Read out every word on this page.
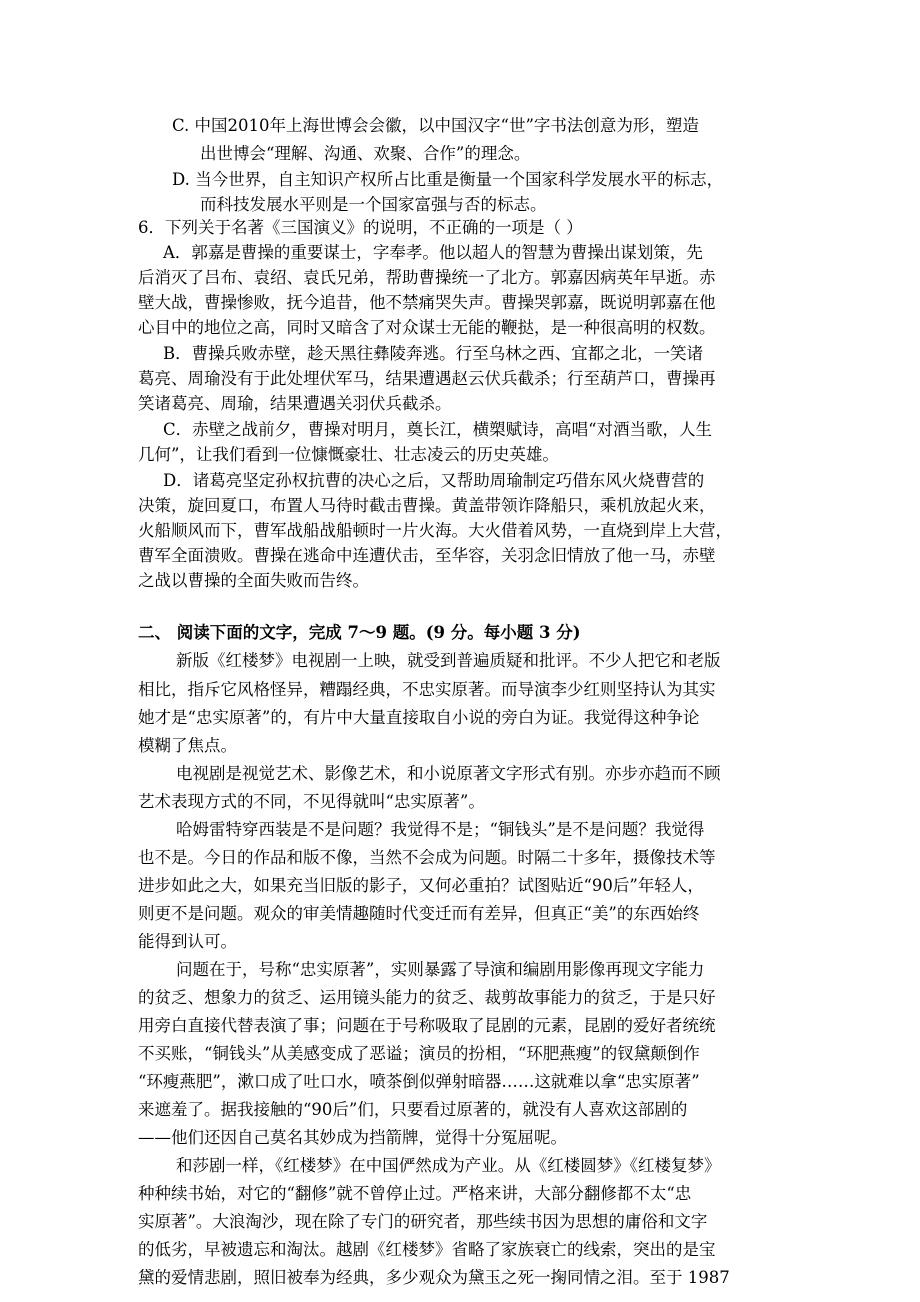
C. 中国2010年上海世博会会徽，以中国汉字“世”字书法创意为形，塑造
出世博会“理解、沟通、欢聚、合作”的理念。
D. 当今世界，自主知识产权所占比重是衡量一个国家科学发展水平的标志，
而科技发展水平则是一个国家富强与否的标志。
6．下列关于名著《三国演义》的说明，不正确的一项是（ ）
A．郭嘉是曹操的重要谋士，字奉孝。他以超人的智慧为曹操出谋划策，先
后消灭了吕布、袁绍、袁氏兄弟，帮助曹操统一了北方。郭嘉因病英年早逝。赤
壁大战，曹操惨败，抚今追昔，他不禁痛哭失声。曹操哭郭嘉，既说明郭嘉在他
心目中的地位之高，同时又暗含了对众谋士无能的鞭挞，是一种很高明的权数。
B．曹操兵败赤壁，趁天黑往彝陵奔逃。行至乌林之西、宜都之北，一笑诸
葛亮、周瑜没有于此处埋伏军马，结果遭遇赵云伏兵截杀；行至葫芦口，曹操再
笑诸葛亮、周瑜，结果遭遇关羽伏兵截杀。
C．赤壁之战前夕，曹操对明月，奠长江，横槊赋诗，高唱“对酒当歌，人生
几何”，让我们看到一位慷慨豪壮、壮志凌云的历史英雄。
D．诸葛亮坚定孙权抗曹的决心之后，又帮助周瑜制定巧借东风火烧曹营的
决策，旋回夏口，布置人马待时截击曹操。黄盖带领诈降船只，乘机放起火来，
火船顺风而下，曹军战船战船顿时一片火海。大火借着风势，一直烧到岸上大营，
曹军全面溃败。曹操在逃命中连遭伏击，至华容，关羽念旧情放了他一马，赤壁
之战以曹操的全面失败而告终。
二、 阅读下面的文字，完成 7～9 题。(9 分。每小题 3 分)
新版《红楼梦》电视剧一上映，就受到普遍质疑和批评。不少人把它和老版
相比，指斥它风格怪异，糟蹋经典，不忠实原著。而导演李少红则坚持认为其实
她才是“忠实原著”的，有片中大量直接取自小说的旁白为证。我觉得这种争论
模糊了焦点。
电视剧是视觉艺术、影像艺术，和小说原著文字形式有别。亦步亦趋而不顾
艺术表现方式的不同，不见得就叫“忠实原著”。
哈姆雷特穿西装是不是问题？我觉得不是；“铜钱头”是不是问题？我觉得
也不是。今日的作品和版不像，当然不会成为问题。时隔二十多年，摄像技术等
进步如此之大，如果充当旧版的影子，又何必重拍？试图贴近“90后”年轻人，
则更不是问题。观众的审美情趣随时代变迁而有差异，但真正“美”的东西始终
能得到认可。
问题在于，号称“忠实原著”，实则暴露了导演和编剧用影像再现文字能力
的贫乏、想象力的贫乏、运用镜头能力的贫乏、裁剪故事能力的贫乏，于是只好
用旁白直接代替表演了事；问题在于号称吸取了昆剧的元素，昆剧的爱好者统统
不买账，“铜钱头”从美感变成了恶谥；演员的扮相，“环肥燕瘦”的钗黛颠倒作
“环瘦燕肥”，漱口成了吐口水，喷茶倒似弹射暗器……这就难以拿“忠实原著”
来遮羞了。据我接触的“90后”们，只要看过原著的，就没有人喜欢这部剧的
——他们还因自己莫名其妙成为挡箭牌，觉得十分冤屈呢。
和莎剧一样，《红楼梦》在中国俨然成为产业。从《红楼圆梦》《红楼复梦》
种种续书始，对它的“翻修”就不曾停止过。严格来讲，大部分翻修都不太“忠
实原著”。大浪淘沙，现在除了专门的研究者，那些续书因为思想的庸俗和文字
的低劣，早被遗忘和淘汰。越剧《红楼梦》省略了家族衰亡的线索，突出的是宝
黛的爱情悲剧，照旧被奉为经典，多少观众为黛玉之死一掬同情之泪。至于 1987
